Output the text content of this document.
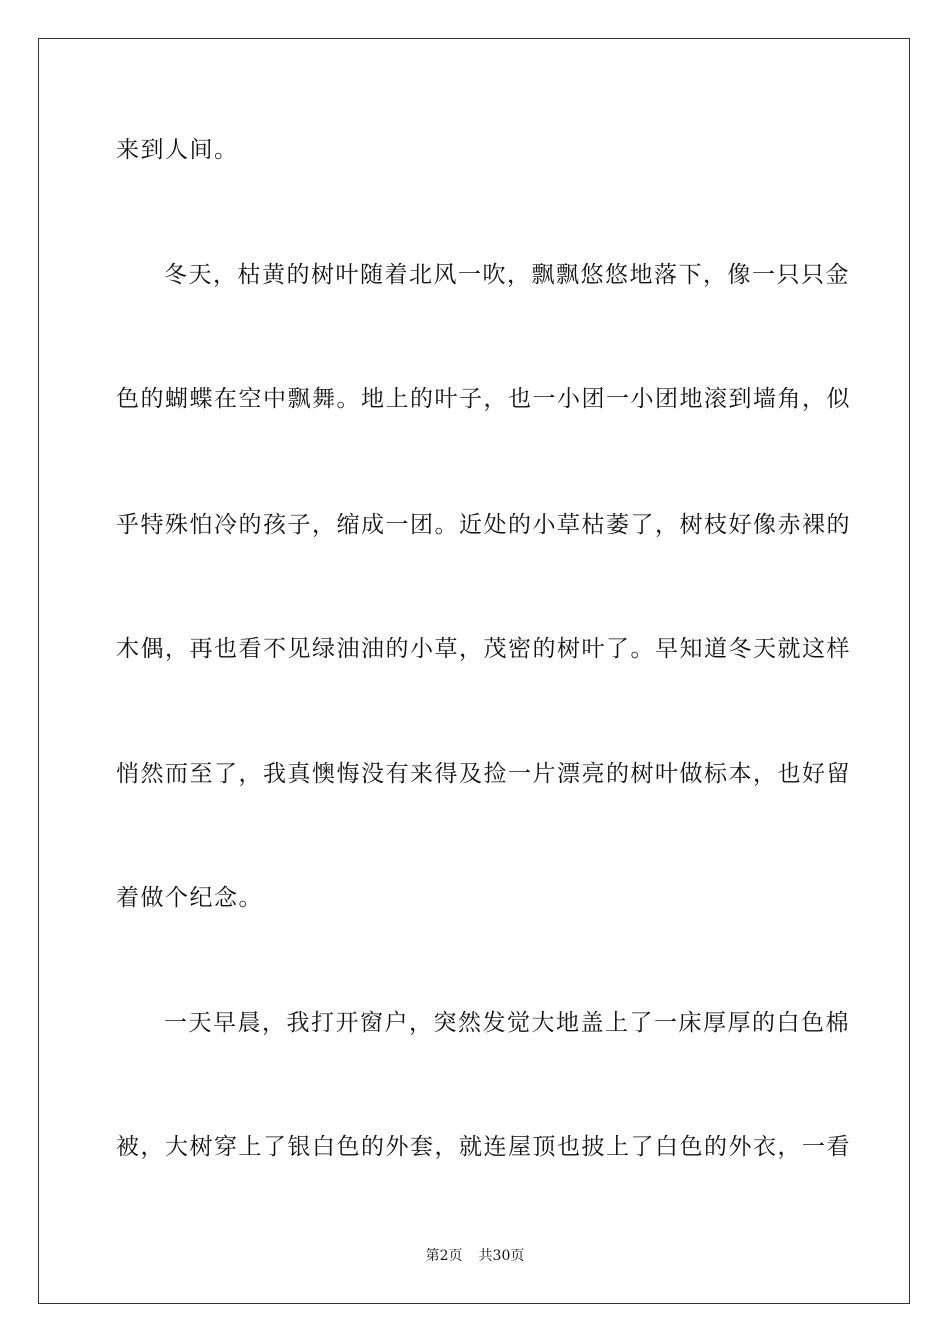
来到人间。
冬天，枯黄的树叶随着北风一吹，飘飘悠悠地落下，像一只只金
色的蝴蝶在空中飘舞。地上的叶子，也一小团一小团地滚到墙角，似
乎特殊怕冷的孩子，缩成一团。近处的小草枯萎了，树枝好像赤裸的
木偶，再也看不见绿油油的小草，茂密的树叶了。早知道冬天就这样
悄然而至了，我真懊悔没有来得及捡一片漂亮的树叶做标本，也好留
着做个纪念。
一天早晨，我打开窗户，突然发觉大地盖上了一床厚厚的白色棉
被，大树穿上了银白色的外套，就连屋顶也披上了白色的外衣，一看
第2页 共30页
